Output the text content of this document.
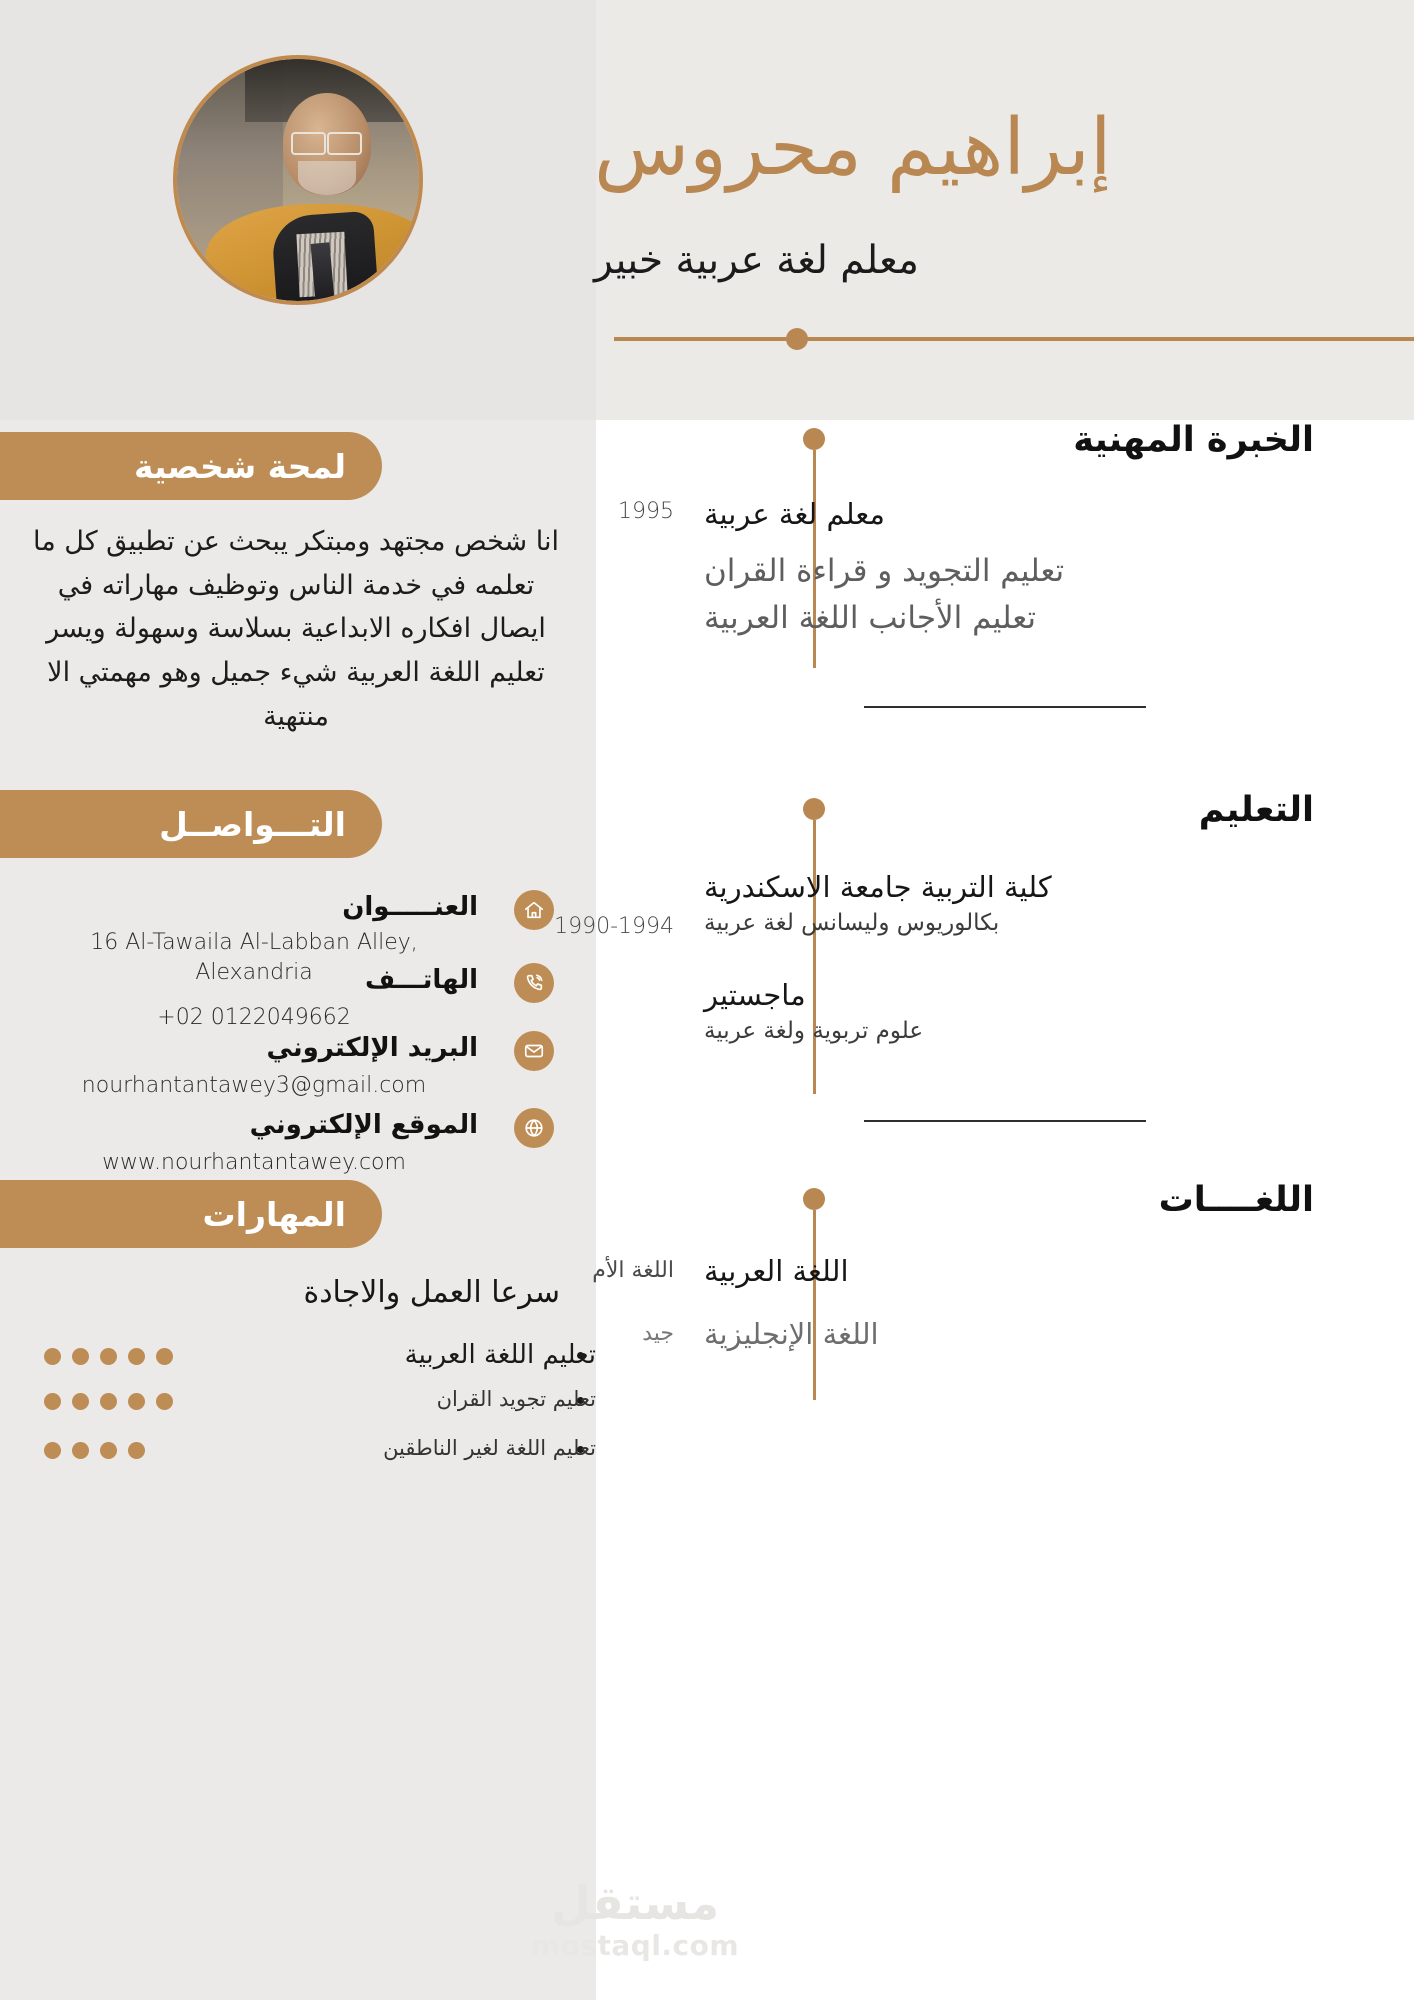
إبراهيم محروس
معلم لغة عربية خبير
لمحة شخصية
انا شخص مجتهد ومبتكر يبحث عن تطبيق كل ما تعلمه في خدمة الناس وتوظيف مهاراته في ايصال افكاره الابداعية بسلاسة وسهولة ويسر تعليم اللغة العربية شيء جميل وهو مهمتي الا منتهية
التـــواصــل
العنـــــوان
16 Al-Tawaila Al-Labban Alley, Alexandria	الهاتـــف
+02 0122049662
البريد الإلكتروني
nourhantantawey3@gmail.com
الموقع الإلكتروني
www.nourhantantawey.com
المهارات
سرعا العمل والاجادة
تعليم اللغة العربية
تعليم تجويد القران
تعليم اللغة لغير الناطقين
الخبرة المهنية
1995 معلم لغة عربية
تعليم التجويد و قراءة القران
تعليم الأجانب اللغة العربية
التعليم
1990-1994
كلية التربية جامعة الاسكندرية
بكالوريوس وليسانس لغة عربية
ماجستير
علوم تربوية ولغة عربية
اللغــــات
اللغة الأم اللغة العربية
جيد اللغة الإنجليزية
مستقل
mostaql.com
